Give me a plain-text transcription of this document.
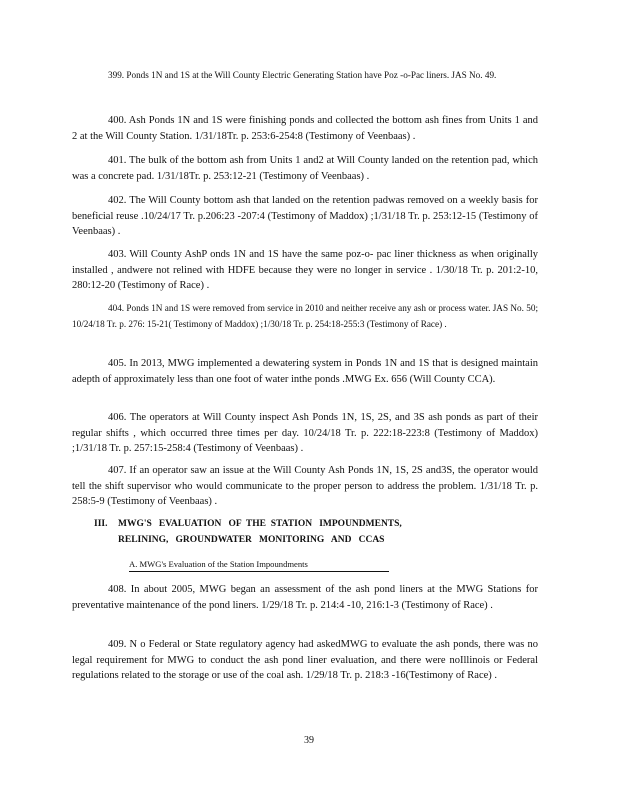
399. Ponds 1N and 1S at the Will County Electric Generating Station have Poz -o-Pac liners. JAS No. 49.

400. Ash Ponds 1N and 1S were finishing ponds and collected the bottom ash fines from Units 1 and 2 at the Will County Station. 1/31/18Tr. p. 253:6-254:8 (Testimony of Veenbaas) .

401. The bulk of the bottom ash from Units 1 and2 at Will County landed on the retention pad, which was a concrete pad. 1/31/18Tr. p. 253:12-21 (Testimony of Veenbaas) .

402. The Will County bottom ash that landed on the retention padwas removed on a weekly basis for beneficial reuse .10/24/17 Tr. p.206:23 -207:4 (Testimony of Maddox) ;1/31/18 Tr. p. 253:12-15 (Testimony of Veenbaas) .

403. Will County AshP onds 1N and 1S have the same poz-o- pac liner thickness as when originally installed , andwere not relined with HDFE because they were no longer in service . 1/30/18 Tr. p. 201:2-10, 280:12-20 (Testimony of Race) .

404. Ponds 1N and 1S were removed from service in 2010 and neither receive any ash or process water. JAS No. 50; 10/24/18 Tr. p. 276: 15-21( Testimony of Maddox) ;1/30/18 Tr. p. 254:18-255:3 (Testimony of Race) .

405. In 2013, MWG implemented a dewatering system in Ponds 1N and 1S that is designed maintain adepth of approximately less than one foot of water inthe ponds .MWG Ex. 656 (Will County CCA).

406. The operators at Will County inspect Ash Ponds 1N, 1S, 2S, and 3S ash ponds as part of their regular shifts , which occurred three times per day. 10/24/18 Tr. p. 222:18-223:8 (Testimony of Maddox) ;1/31/18 Tr. p. 257:15-258:4 (Testimony of Veenbaas) .

407. If an operator saw an issue at the Will County Ash Ponds 1N, 1S, 2S and3S, the operator would tell the shift supervisor who would communicate to the proper person to address the problem. 1/31/18 Tr. p. 258:5-9 (Testimony of Veenbaas) .

III. MWG'S   EVALUATION   OF  THE  STATION   IMPOUNDMENTS,
RELINING,   GROUNDWATER   MONITORING   AND   CCAS
A. MWG's Evaluation of the Station Impoundments

408. In about 2005, MWG began an assessment of the ash pond liners at the MWG Stations for preventative maintenance of the pond liners. 1/29/18 Tr. p. 214:4 -10, 216:1-3 (Testimony of Race) .

409. N o Federal or State regulatory agency had askedMWG to evaluate the ash ponds, there was no legal requirement for MWG to conduct the ash pond liner evaluation, and there were noIllinois or Federal regulations related to the storage or use of the coal ash. 1/29/18 Tr. p. 218:3 -16(Testimony of Race) .

39
